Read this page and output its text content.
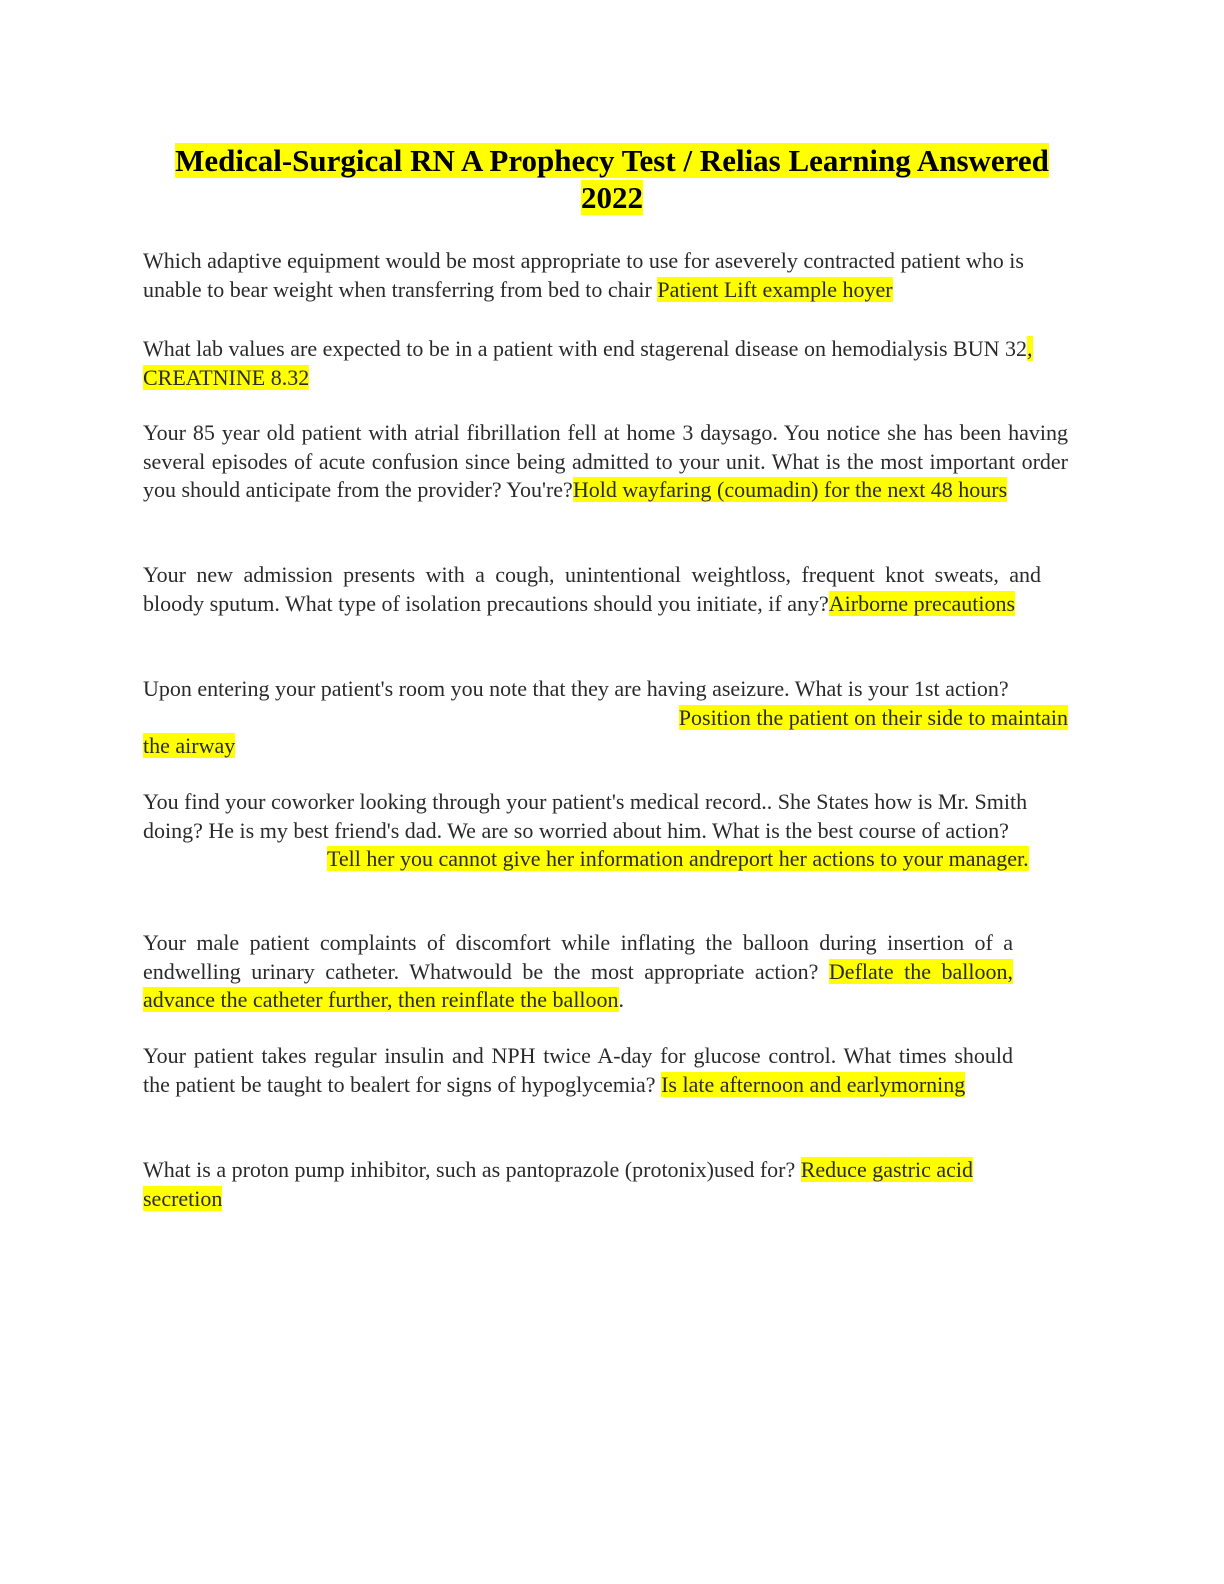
Medical-Surgical RN A Prophecy Test / Relias Learning Answered
2022
Which adaptive equipment would be most appropriate to use for aseverely contracted patient who is unable to bear weight when transferring from bed to chair Patient Lift example hoyer
What lab values are expected to be in a patient with end stagerenal disease on hemodialysis BUN 32, CREATNINE 8.32
Your 85 year old patient with atrial fibrillation fell at home 3 daysago. You notice she has been having several episodes of acute confusion since being admitted to your unit. What is the most important order you should anticipate from the provider? You're?Hold wayfaring (coumadin) for the next 48 hours
Your new admission presents with a cough, unintentional weightloss, frequent knot sweats, and bloody sputum. What type of isolation precautions should you initiate, if any?Airborne precautions
Upon entering your patient's room you note that they are having aseizure. What is your 1st action?
Position the patient on their side to maintain
the airway
You find your coworker looking through your patient's medical record.. She States how is Mr. Smith doing? He is my best friend's dad. We are so worried about him. What is the best course of action?Tell her you cannot give her information andreport her actions to your manager.
Your male patient complaints of discomfort while inflating the balloon during insertion of a endwelling urinary catheter. Whatwould be the most appropriate action? Deflate the balloon, advance the catheter further, then reinflate the balloon.
Your patient takes regular insulin and NPH twice A-day for glucose control. What times should the patient be taught to bealert for signs of hypoglycemia? Is late afternoon and earlymorning
What is a proton pump inhibitor, such as pantoprazole (protonix)used for? Reduce gastric acid secretion
